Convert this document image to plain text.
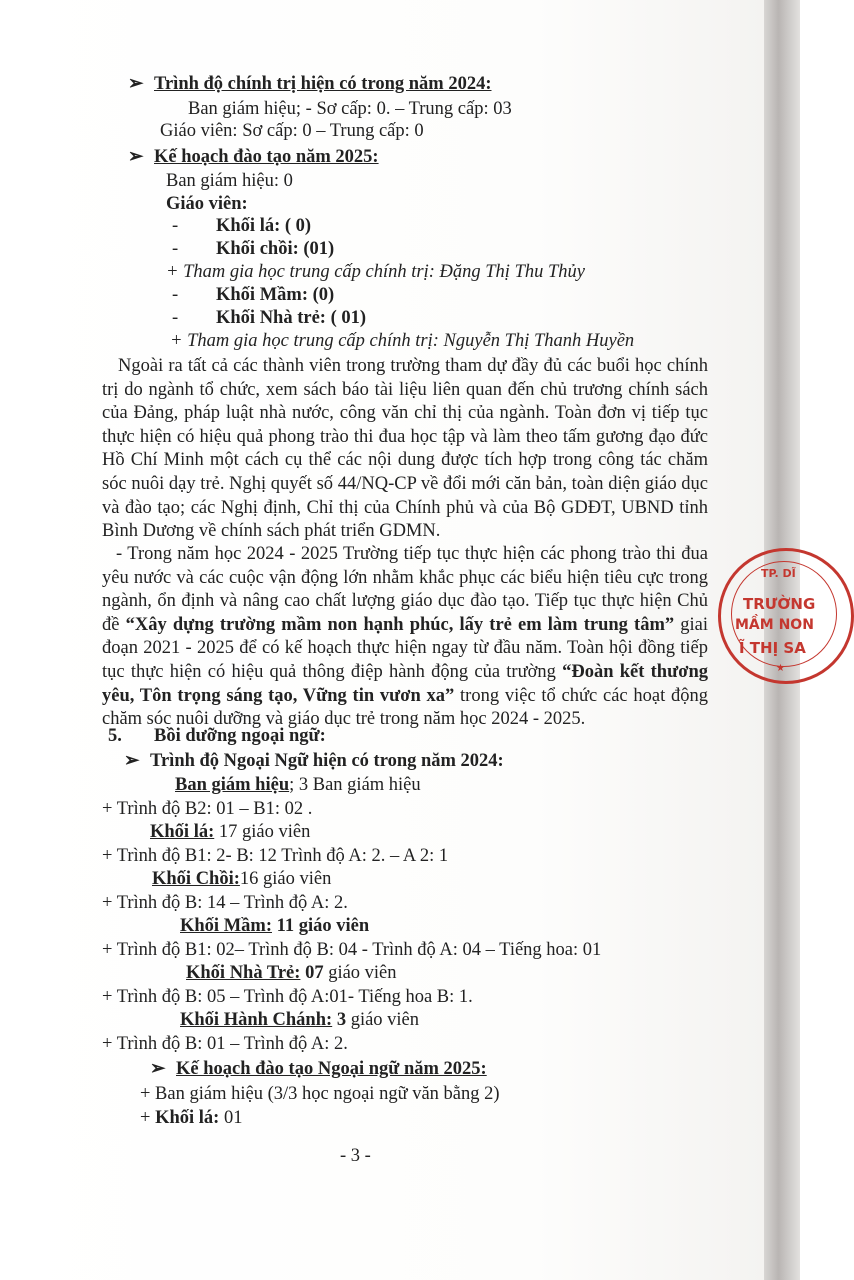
➢ Trình độ chính trị hiện có trong năm 2024:
Ban giám hiệu; - Sơ cấp: 0. – Trung cấp: 03
Giáo viên: Sơ cấp: 0 – Trung cấp: 0
➢ Kế hoạch đào tạo năm 2025:
Ban giám hiệu: 0
Giáo viên:
- Khối lá: ( 0)
- Khối chồi: (01)
+ Tham gia học trung cấp chính trị: Đặng Thị Thu Thủy
- Khối Mầm: (0)
- Khối Nhà trẻ: ( 01)
+ Tham gia học trung cấp chính trị: Nguyễn Thị Thanh Huyền
Ngoài ra tất cả các thành viên trong trường tham dự đầy đủ các buổi học chính trị do ngành tổ chức, xem sách báo tài liệu liên quan đến chủ trương chính sách của Đảng, pháp luật nhà nước, công văn chỉ thị của ngành. Toàn đơn vị tiếp tục thực hiện có hiệu quả phong trào thi đua học tập và làm theo tấm gương đạo đức Hồ Chí Minh một cách cụ thể các nội dung được tích hợp trong công tác chăm sóc nuôi dạy trẻ. Nghị quyết số 44/NQ-CP về đổi mới căn bản, toàn diện giáo dục và đào tạo; các Nghị định, Chỉ thị của Chính phủ và của Bộ GDĐT, UBND tỉnh Bình Dương về chính sách phát triển GDMN.
- Trong năm học 2024 - 2025 Trường tiếp tục thực hiện các phong trào thi đua yêu nước và các cuộc vận động lớn nhằm khắc phục các biểu hiện tiêu cực trong ngành, ổn định và nâng cao chất lượng giáo dục đào tạo. Tiếp tục thực hiện Chủ đề “Xây dựng trường mầm non hạnh phúc, lấy trẻ em làm trung tâm” giai đoạn 2021 - 2025 để có kế hoạch thực hiện ngay từ đầu năm. Toàn hội đồng tiếp tục thực hiện có hiệu quả thông điệp hành động của trường “Đoàn kết thương yêu, Tôn trọng sáng tạo, Vững tin vươn xa” trong việc tổ chức các hoạt động chăm sóc nuôi dưỡng và giáo dục trẻ trong năm học 2024 - 2025.
5. Bồi dưỡng ngoại ngữ:
➢ Trình độ Ngoại Ngữ hiện có trong năm 2024:
Ban giám hiệu; 3 Ban giám hiệu
+ Trình độ B2: 01 – B1: 02 .
Khối lá: 17 giáo viên
+ Trình độ B1: 2- B: 12 Trình độ A: 2. – A 2: 1
Khối Chồi:16 giáo viên
+ Trình độ B: 14 – Trình độ A: 2.
Khối Mầm: 11 giáo viên
+ Trình độ B1: 02– Trình độ B: 04 - Trình độ A: 04 – Tiếng hoa: 01
Khối Nhà Trẻ: 07 giáo viên
+ Trình độ B: 05 – Trình độ A:01- Tiếng hoa B: 1.
Khối Hành Chánh: 3 giáo viên
+ Trình độ B: 01 – Trình độ A: 2.
➢ Kế hoạch đào tạo Ngoại ngữ năm 2025:
+ Ban giám hiệu (3/3 học ngoại ngữ văn bằng 2)
+ Khối lá: 01
- 3 -
TP. DĨ
TRƯỜNG
MẦM NON
Ĩ THỊ SA
★
